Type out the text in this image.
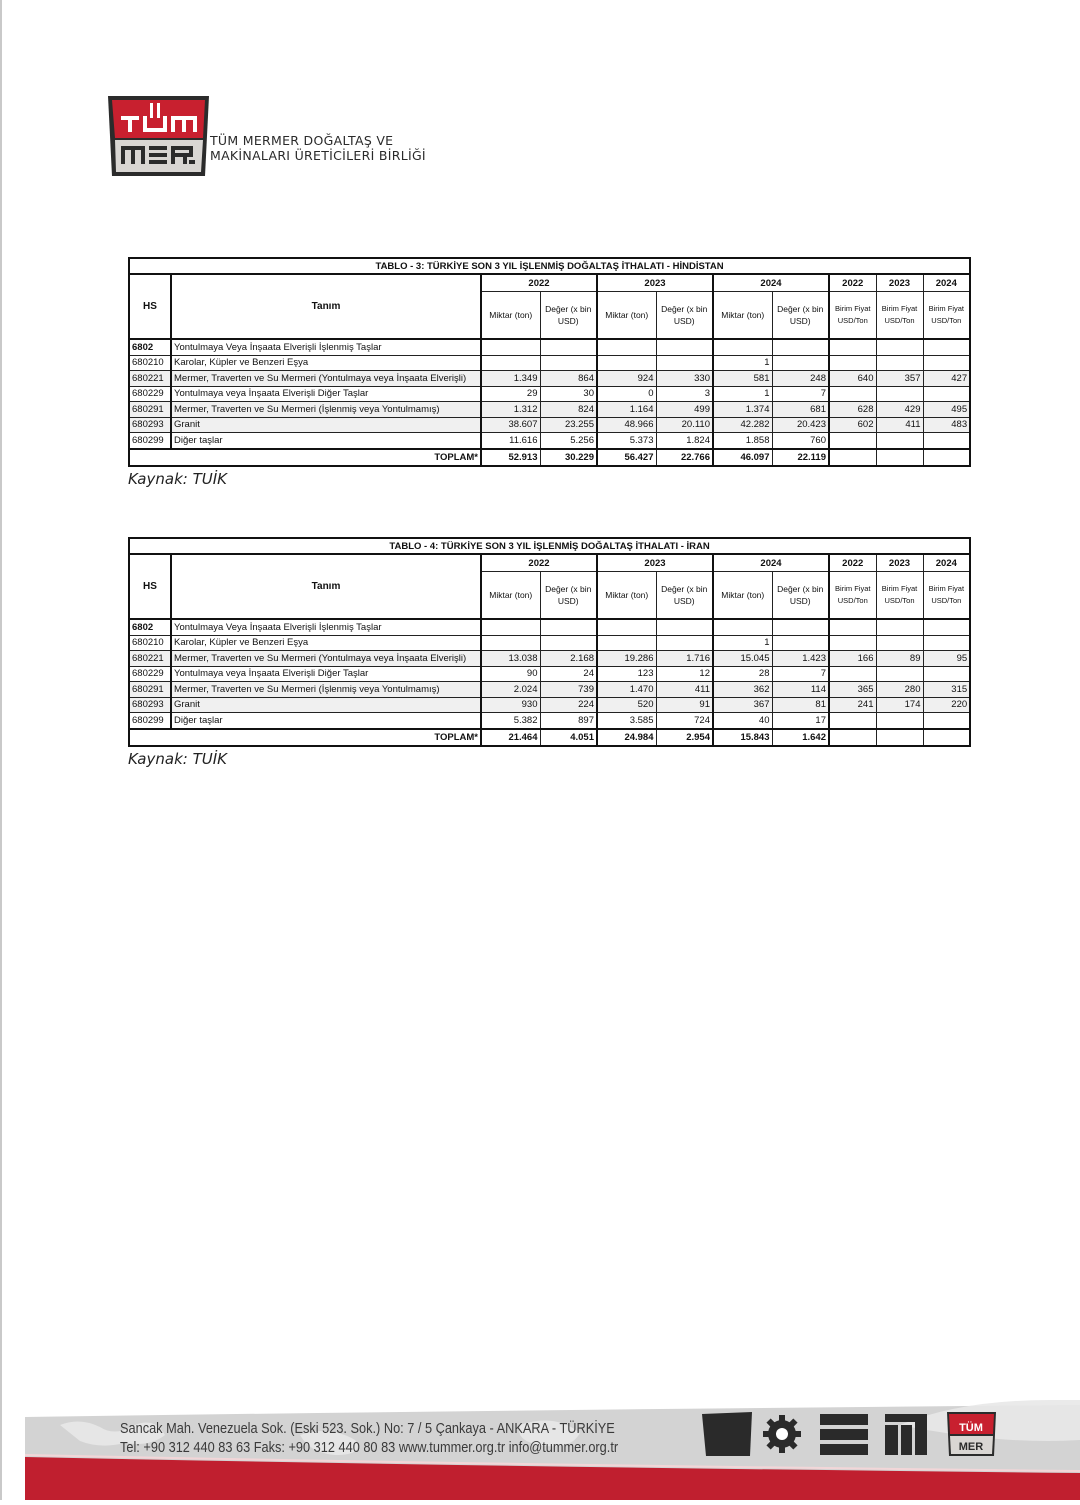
TÜM MERMER DOĞALTAŞ VE
MAKİNALARI ÜRETİCİLERİ BİRLİĞİ
TABLO - 3: TÜRKİYE SON 3 YIL İŞLENMİŞ DOĞALTAŞ İTHALATI - HİNDİSTAN										
HS	Tanım	2022		2023		2024		2022	2023	2024
		Miktar (ton)	Değer (x bin USD)	Miktar (ton)	Değer (x bin USD)	Miktar (ton)	Değer (x bin USD)	Birim Fiyat USD/Ton	Birim Fiyat USD/Ton	Birim Fiyat USD/Ton
6802	Yontulmaya Veya İnşaata Elverişli İşlenmiş Taşlar									
680210	Karolar, Küpler ve Benzeri Eşya					1				
680221	Mermer, Traverten ve Su Mermeri (Yontulmaya veya İnşaata Elverişli)	1.349	864	924	330	581	248	640	357	427
680229	Yontulmaya veya İnşaata Elverişli Diğer Taşlar	29	30	0	3	1	7			
680291	Mermer, Traverten ve Su Mermeri (İşlenmiş veya Yontulmamış)	1.312	824	1.164	499	1.374	681	628	429	495
680293	Granit	38.607	23.255	48.966	20.110	42.282	20.423	602	411	483
680299	Diğer taşlar	11.616	5.256	5.373	1.824	1.858	760			
TOPLAM*		52.913	30.229	56.427	22.766	46.097	22.119			
Kaynak: TUİK
TABLO - 4: TÜRKİYE SON 3 YIL İŞLENMİŞ DOĞALTAŞ İTHALATI - İRAN										
HS	Tanım	2022		2023		2024		2022	2023	2024
		Miktar (ton)	Değer (x bin USD)	Miktar (ton)	Değer (x bin USD)	Miktar (ton)	Değer (x bin USD)	Birim Fiyat USD/Ton	Birim Fiyat USD/Ton	Birim Fiyat USD/Ton
6802	Yontulmaya Veya İnşaata Elverişli İşlenmiş Taşlar									
680210	Karolar, Küpler ve Benzeri Eşya					1				
680221	Mermer, Traverten ve Su Mermeri (Yontulmaya veya İnşaata Elverişli)	13.038	2.168	19.286	1.716	15.045	1.423	166	89	95
680229	Yontulmaya veya İnşaata Elverişli Diğer Taşlar	90	24	123	12	28	7			
680291	Mermer, Traverten ve Su Mermeri (İşlenmiş veya Yontulmamış)	2.024	739	1.470	411	362	114	365	280	315
680293	Granit	930	224	520	91	367	81	241	174	220
680299	Diğer taşlar	5.382	897	3.585	724	40	17			
TOPLAM*		21.464	4.051	24.984	2.954	15.843	1.642			
Kaynak: TUİK
Sancak Mah. Venezuela Sok. (Eski 523. Sok.) No: 7 / 5 Çankaya - ANKARA - TÜRKİYE
Tel: +90 312 440 83 63 Faks: +90 312 440 80 83 www.tummer.org.tr info@tummer.org.tr
TÜM
MER
